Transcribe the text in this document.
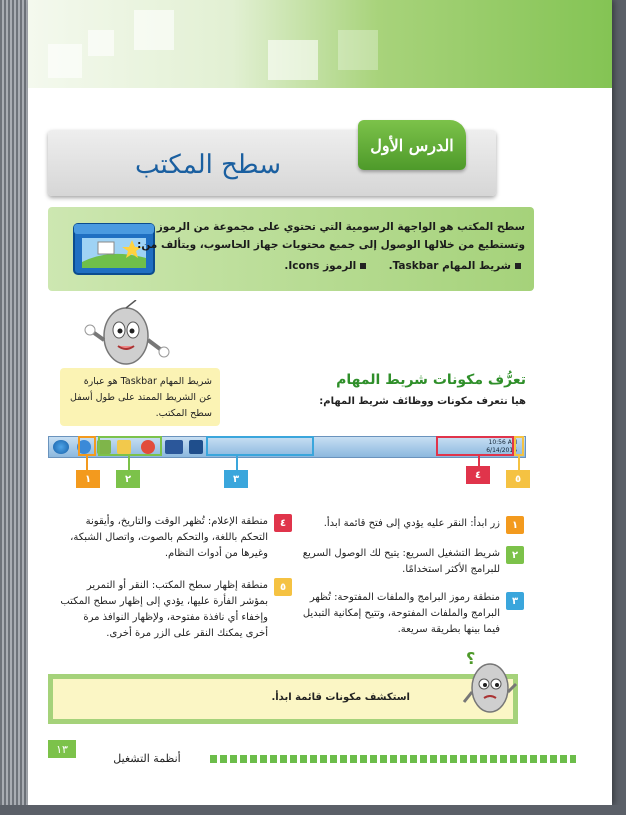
الدرس الأول
سطح المكتب
سطح المكتب هو الواجهة الرسومية التي تحتوي على مجموعة من الرموز وتستطيع من خلالها الوصول إلى جميع محتويات جهاز الحاسوب، ويتألف من:
شريط المهام Taskbar.     الرموز Icons.
شريط المهام Taskbar هو عبارة عن الشريط الممتد على طول أسفل سطح المكتب.
تعرُّف مكونات شريط المهام
هيا نتعرف مكونات ووظائف شريط المهام:
10:56 AM
6/14/2016
١	٢	٣	٤	٥
١
زر ابدأ: النقر عليه يؤدي إلى فتح قائمة ابدأ.
٢
شريط التشغيل السريع: يتيح لك الوصول السريع للبرامج الأكثر استخدامًا.
٣
منطقة رموز البرامج والملفات المفتوحة: تُظهر البرامج والملفات المفتوحة، وتتيح إمكانية التبديل فيما بينها بطريقة سريعة.
٤
منطقة الإعلام: تُظهر الوقت والتاريخ، وأيقونة التحكم باللغة، والتحكم بالصوت، واتصال الشبكة، وغيرها من أدوات النظام.
٥
منطقة إظهار سطح المكتب: النقر أو التمرير بمؤشر الفأرة عليها، يؤدي إلى إظهار سطح المكتب وإخفاء أي نافذة مفتوحة، ولإظهار النوافذ مرة أخرى يمكنك النقر على الزر مرة أخرى.
استكشف مكونات قائمة ابدأ.
؟
١٣
أنظمة التشغيل
